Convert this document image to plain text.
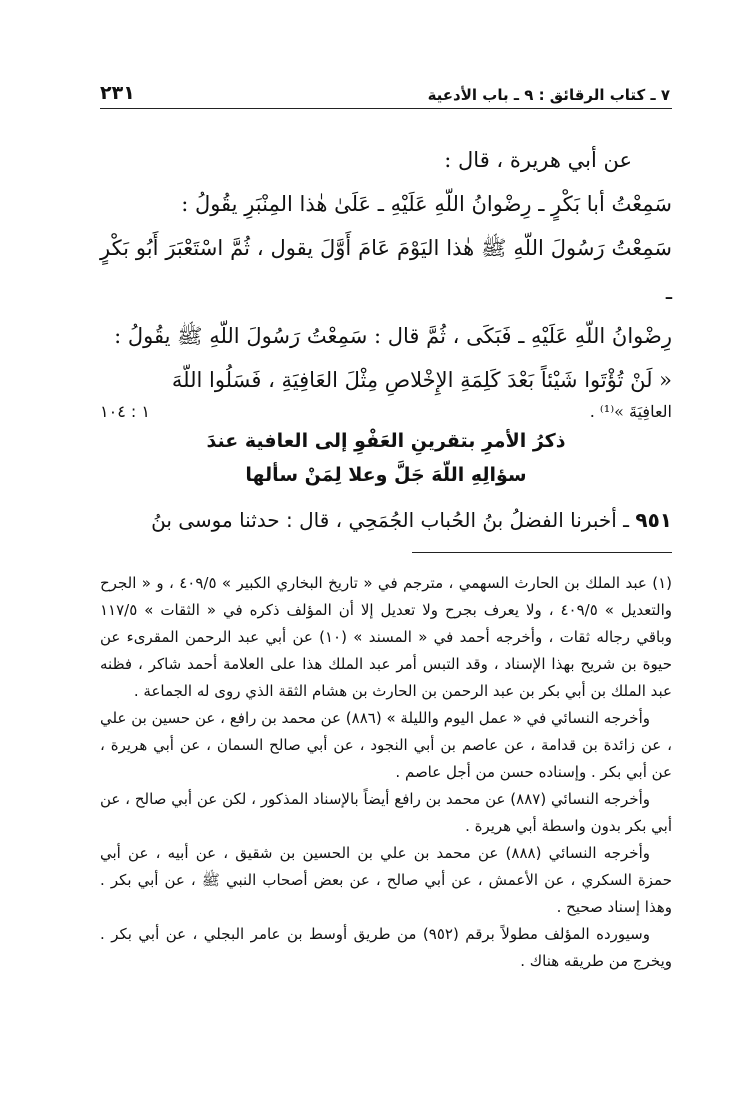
٢٣١	٧ ـ كتاب الرقائق : ٩ ـ باب الأدعية

عن أبي هريرة ، قال :

سَمِعْتُ أبا بَكْرٍ ـ رِضْوانُ اللّهِ عَلَيْهِ ـ عَلَىٰ هٰذا المِنْبَرِ يقُولُ :

سَمِعْتُ رَسُولَ اللّهِ ﷺ هٰذا اليَوْمَ عَامَ أَوَّلَ يقول ، ثُمَّ اسْتَعْبَرَ أَبُو بَكْرٍ ـ

رِضْوانُ اللّهِ عَلَيْهِ ـ فَبَكَى ، ثُمَّ قال : سَمِعْتُ رَسُولَ اللّهِ ﷺ يقُولُ :

« لَنْ تُؤْتَوا شَيْئاً بَعْدَ كَلِمَةِ الإِخْلاصِ مِثْلَ العَافِيَةِ ، فَسَلُوا اللّهَ

العافِيَةَ »⁽¹⁾ .
١ : ١٠٤
ذكرُ الأمرِ بتقرينِ العَفْوِ إلى العافية عندَ
سؤالِهِ اللّهَ جَلَّ وعلا لِمَنْ سألها
٩٥١ ـ أخبرنا الفضلُ بنُ الحُباب الجُمَحِي ، قال : حدثنا موسى بنُ

(١) عبد الملك بن الحارث السهمي ، مترجم في « تاريخ البخاري الكبير » ٤٠٩/٥ ، و « الجرح والتعديل » ٤٠٩/٥ ، ولا يعرف بجرح ولا تعديل إلا أن المؤلف ذكره في « الثقات » ١١٧/٥ وباقي رجاله ثقات ، وأخرجه أحمد في « المسند » (١٠) عن أبي عبد الرحمن المقرىء عن حيوة بن شريح بهذا الإسناد ، وقد التبس أمر عبد الملك هذا على العلامة أحمد شاكر ، فظنه عبد الملك بن أبي بكر بن عبد الرحمن بن الحارث بن هشام الثقة الذي روى له الجماعة .

وأخرجه النسائي في « عمل اليوم والليلة » (٨٨٦) عن محمد بن رافع ، عن حسين بن علي ، عن زائدة بن قدامة ، عن عاصم بن أبي النجود ، عن أبي صالح السمان ، عن أبي هريرة ، عن أبي بكر . وإسناده حسن من أجل عاصم .

وأخرجه النسائي (٨٨٧) عن محمد بن رافع أيضاً بالإسناد المذكور ، لكن عن أبي صالح ، عن أبي بكر بدون واسطة أبي هريرة .

وأخرجه النسائي (٨٨٨) عن محمد بن علي بن الحسين بن شقيق ، عن أبيه ، عن أبي حمزة السكري ، عن الأعمش ، عن أبي صالح ، عن بعض أصحاب النبي ﷺ ، عن أبي بكر . وهذا إسناد صحيح .

وسيورده المؤلف مطولاً برقم (٩٥٢) من طريق أوسط بن عامر البجلي ، عن أبي بكر . ويخرج من طريقه هناك .
